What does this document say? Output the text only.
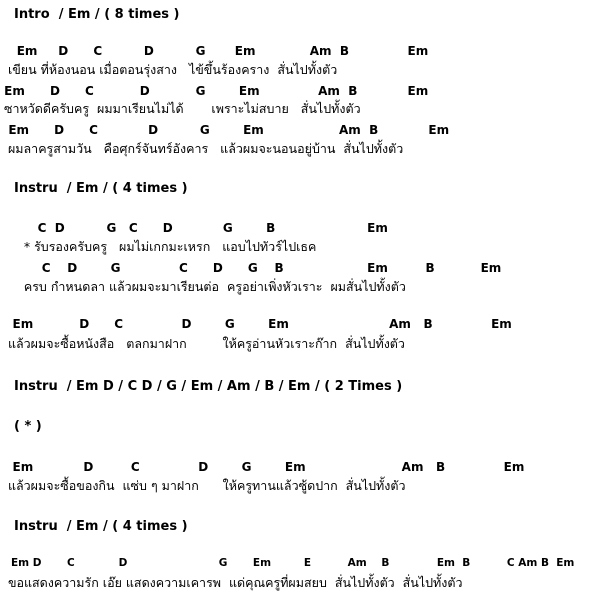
Intro  / Em / ( 8 times )
Em     D      C          D          G       Em             Am  B              Em
เขียน ที่ห้องนอน เมื่อตอนรุ่งสาง   ไข้ขึ้นร้องคราง  สั่นไปทั้งตัว
Em      D      C           D           G        Em              Am  B            Em
ซาหวัดดีครับครู  ผมมาเรียนไม่ได้       เพราะไม่สบาย   สั่นไปทั้งตัว
Em      D      C            D          G        Em                  Am  B            Em
ผมลาครูสามวัน   คือศุกร์จันทร์อังคาร   แล้วผมจะนอนอยู่บ้าน  สั่นไปทั้งตัว
Instru  / Em / ( 4 times )
C  D          G   C      D            G        B                      Em
* รับรองครับครู   ผมไม่เกกมะเหรก   แอบไปทัวร์ไปเธค
C    D        G              C      D      G    B                    Em         B           Em
ครบ กำหนดลา แล้วผมจะมาเรียนต่อ  ครูอย่าเพิ่งหัวเราะ  ผมสั่นไปทั้งตัว
Em           D      C              D        G        Em                        Am   B              Em
แล้วผมจะซื้อหนังสือ   ตลกมาฝาก         ให้ครูอ่านหัวเราะก๊าก  สั่นไปทั้งตัว
Instru  / Em D / C D / G / Em / Am / B / Em / ( 2 Times )
( * )
Em            D         C              D        G        Em                       Am   B              Em
แล้วผมจะซื้อของกิน  แซ่บ ๆ มาฝาก      ให้ครูทานแล้วซู้ดปาก  สั่นไปทั้งตัว
Instru  / Em / ( 4 times )
Em D       C            D                         G       Em         E          Am    B             Em  B          C Am B  Em
ขอแสดงความรัก เอ๊ย แสดงความเคารพ  แด่คุณครูที่ผมสยบ  สั่นไปทั้งตัว  สั่นไปทั้งตัว
